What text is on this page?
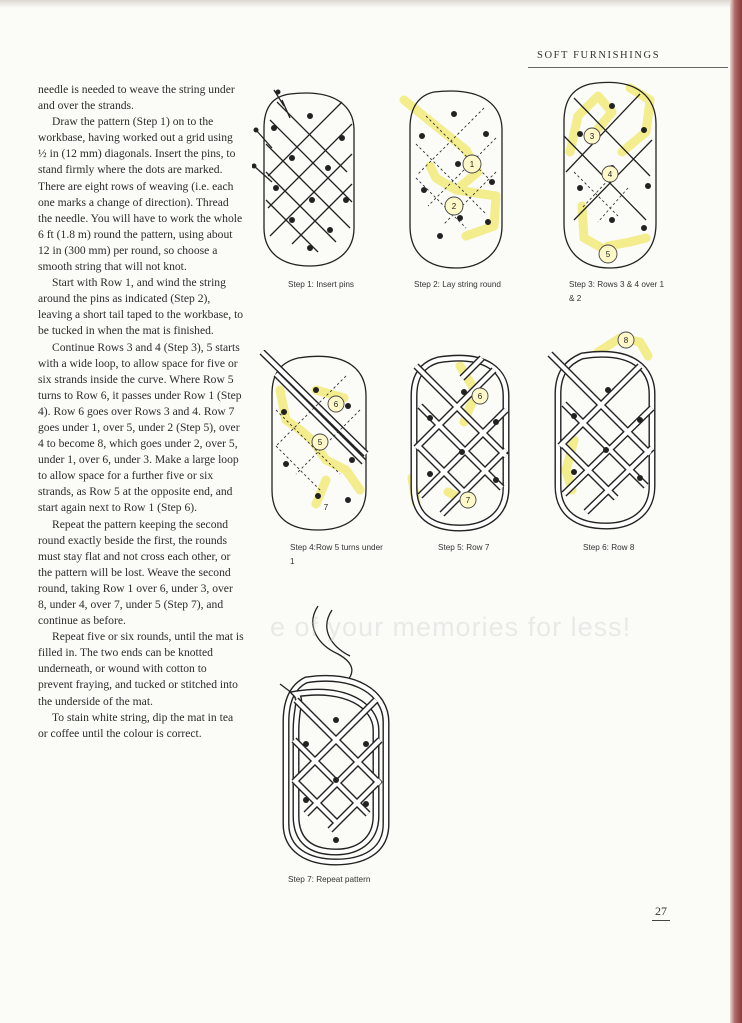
SOFT FURNISHINGS

needle is needed to weave the string under and over the strands.

Draw the pattern (Step 1) on to the workbase, having worked out a grid using ½ in (12 mm) diagonals. Insert the pins, to stand firmly where the dots are marked. There are eight rows of weaving (i.e. each one marks a change of direction). Thread the needle. You will have to work the whole 6 ft (1.8 m) round the pattern, using about 12 in (300 mm) per round, so choose a smooth string that will not knot.

Start with Row 1, and wind the string around the pins as indicated (Step 2), leaving a short tail taped to the workbase, to be tucked in when the mat is finished.

Continue Rows 3 and 4 (Step 3), 5 starts with a wide loop, to allow space for five or six strands inside the curve. Where Row 5 turns to Row 6, it passes under Row 1 (Step 4). Row 6 goes over Rows 3 and 4. Row 7 goes under 1, over 5, under 2 (Step 5), over 4 to become 8, which goes under 2, over 5, under 1, over 6, under 3. Make a large loop to allow space for a further five or six strands, as Row 5 at the opposite end, and start again next to Row 1 (Step 6).

Repeat the pattern keeping the second round exactly beside the first, the rounds must stay flat and not cross each other, or the pattern will be lost. Weave the second round, taking Row 1 over 6, under 3, over 8, under 4, over 7, under 5 (Step 7), and continue as before.

Repeat five or six rounds, until the mat is filled in. The two ends can be knotted underneath, or wound with cotton to prevent fraying, and tucked or stitched into the underside of the mat.

To stain white string, dip the mat in tea or coffee until the colour is correct.

Step 1: Insert pins
1
2
Step 2: Lay string round
3
4
5
Step 3: Rows 3 & 4 over 1 & 2
6
5
7
Step 4:Row 5 turns under 1
6
7
Step 5: Row 7
8
Step 6: Row 8
Step 7: Repeat pattern
e of your memories for less!
27
